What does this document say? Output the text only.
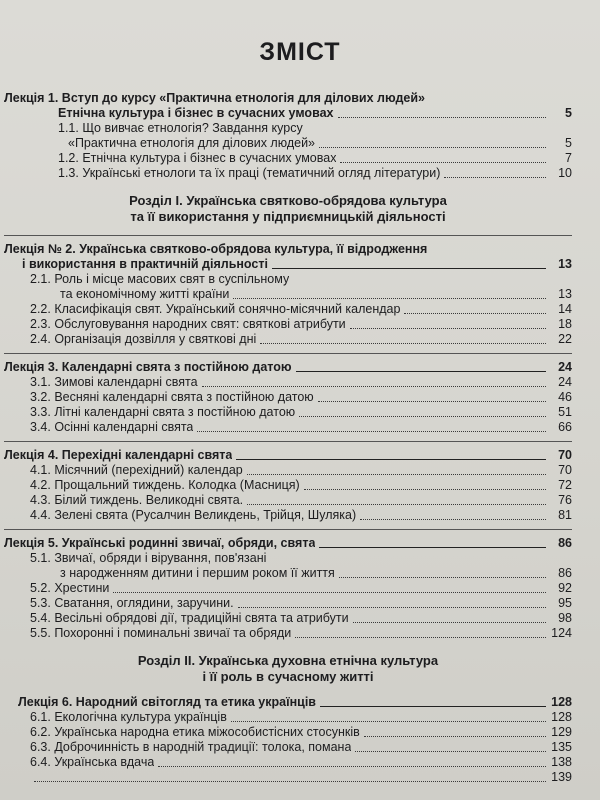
ЗМІСТ
Лекція 1. Вступ до курсу «Практична етнологія для ділових людей»
Етнічна культура і бізнес в сучасних умовах	5
1.1. Що вивчає етнологія? Завдання курсу
«Практична етнологія для ділових людей»	5
1.2. Етнічна культура і бізнес в сучасних умовах	7
1.3. Українські етнологи та їх праці (тематичний огляд літератури)	10
Розділ І. Українська святково-обрядова культура
та її використання у підприємницькій діяльності
Лекція № 2. Українська святково-обрядова культура, її відродження
і використання в практичній діяльності	13
2.1. Роль і місце масових свят в суспільному
та економічному житті країни	13
2.2. Класифікація свят. Український сонячно-місячний календар	14
2.3. Обслуговування народних свят: святкові атрибути	18
2.4. Організація дозвілля у святкові дні	22
Лекція 3. Календарні свята з постійною датою	24
3.1. Зимові календарні свята	24
3.2. Весняні календарні свята з постійною датою	46
3.3. Літні календарні свята з постійною датою	51
3.4. Осінні календарні свята	66
Лекція 4. Перехідні календарні свята	70
4.1. Місячний (перехідний) календар	70
4.2. Прощальний тиждень. Колодка (Масниця)	72
4.3. Білий тиждень. Великодні свята.	76
4.4. Зелені свята (Русалчин Великдень, Трійця, Шуляка)	81
Лекція 5. Українські родинні звичаї, обряди, свята	86
5.1. Звичаї, обряди і вірування, пов'язані
з народженням дитини і першим роком її життя	86
5.2. Хрестини	92
5.3. Сватання, оглядини, заручини.	95
5.4. Весільні обрядові дії, традиційні свята та атрибути	98
5.5. Похоронні і поминальні звичаї та обряди	124
Розділ ІІ. Українська духовна етнічна культура
і її роль в сучасному житті
Лекція 6. Народний світогляд та етика українців	128
6.1. Екологічна культура українців	128
6.2. Українська народна етика міжособистісних стосунків	129
6.3. Доброчинність в народній традиції: толока, помана	135
6.4. Українська вдача	138
139
